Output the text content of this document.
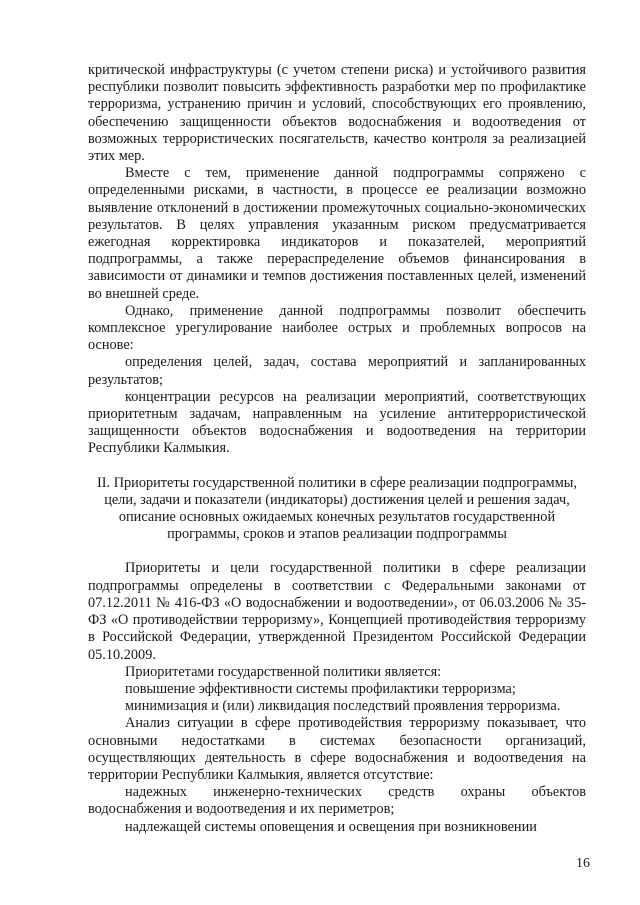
критической инфраструктуры (с учетом степени риска) и устойчивого развития республики позволит повысить эффективность разработки мер по профилактике терроризма, устранению причин и условий, способствующих его проявлению, обеспечению защищенности объектов водоснабжения и водоотведения от возможных террористических посягательств, качество контроля за реализацией этих мер.

Вместе с тем, применение данной подпрограммы сопряжено с определенными рисками, в частности, в процессе ее реализации возможно выявление отклонений в достижении промежуточных социально-экономических результатов. В целях управления указанным риском предусматривается ежегодная корректировка индикаторов и показателей, мероприятий подпрограммы, а также перераспределение объемов финансирования в зависимости от динамики и темпов достижения поставленных целей, изменений во внешней среде.

Однако, применение данной подпрограммы позволит обеспечить комплексное урегулирование наиболее острых и проблемных вопросов на основе:

определения целей, задач, состава мероприятий и запланированных результатов;

концентрации ресурсов на реализации мероприятий, соответствующих приоритетным задачам, направленным на усиление антитеррористической защищенности объектов водоснабжения и водоотведения на территории Республики Калмыкия.

II. Приоритеты государственной политики в сфере реализации подпрограммы, цели, задачи и показатели (индикаторы) достижения целей и решения задач, описание основных ожидаемых конечных результатов государственной программы, сроков и этапов реализации подпрограммы

Приоритеты и цели государственной политики в сфере реализации подпрограммы определены в соответствии с Федеральными законами от 07.12.2011 № 416-ФЗ «О водоснабжении и водоотведении», от 06.03.2006 № 35-ФЗ «О противодействии терроризму», Концепцией противодействия терроризму в Российской Федерации, утвержденной Президентом Российской Федерации 05.10.2009.

Приоритетами государственной политики является:

повышение эффективности системы профилактики терроризма;

минимизация и (или) ликвидация последствий проявления терроризма.

Анализ ситуации в сфере противодействия терроризму показывает, что основными недостатками в системах безопасности организаций, осуществляющих деятельность в сфере водоснабжения и водоотведения на территории Республики Калмыкия, является отсутствие:

надежных инженерно-технических средств охраны объектов водоснабжения и водоотведения и их периметров;

надлежащей системы оповещения и освещения при возникновении

16
